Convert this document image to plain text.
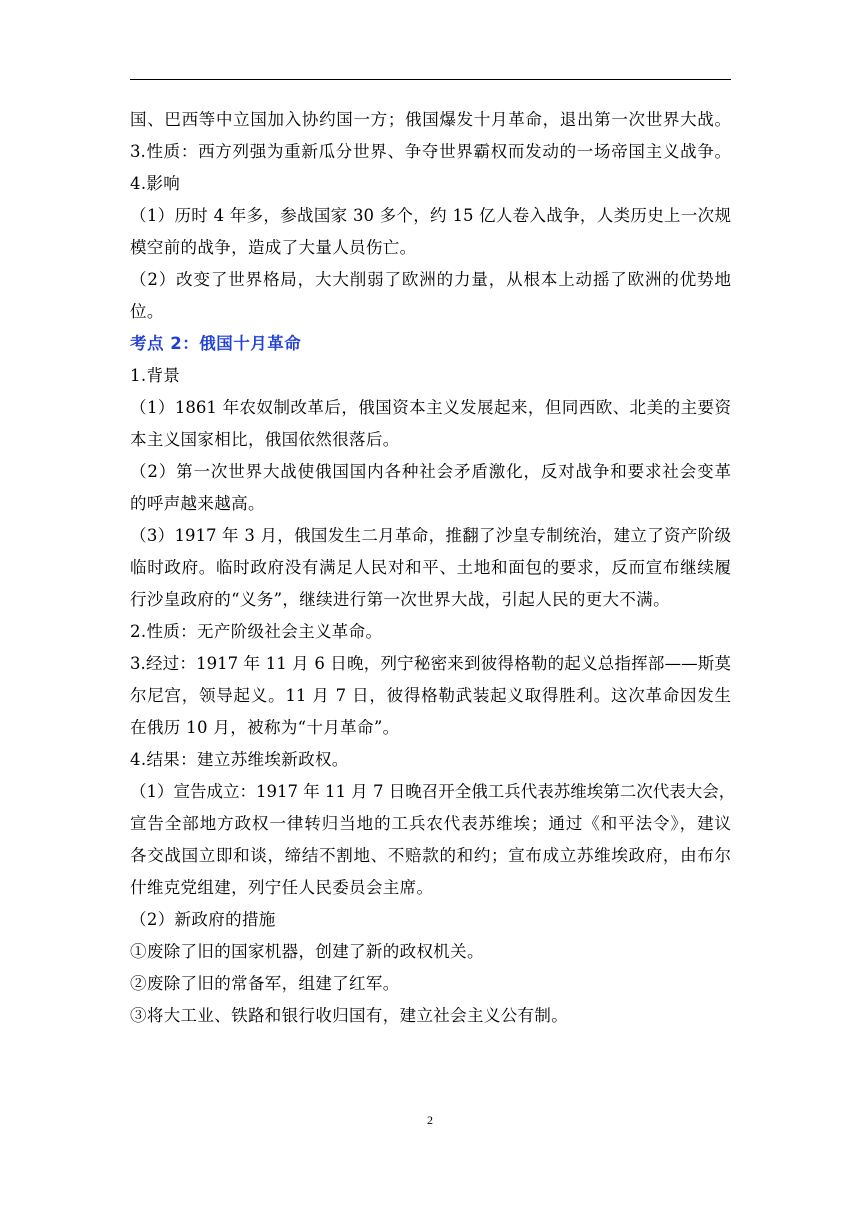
国、巴西等中立国加入协约国一方；俄国爆发十月革命，退出第一次世界大战。
3.性质：西方列强为重新瓜分世界、争夺世界霸权而发动的一场帝国主义战争。
4.影响
（1）历时 4 年多，参战国家 30 多个，约 15 亿人卷入战争，人类历史上一次规
模空前的战争，造成了大量人员伤亡。
（2）改变了世界格局，大大削弱了欧洲的力量，从根本上动摇了欧洲的优势地
位。
考点 2：俄国十月革命
1.背景
（1）1861 年农奴制改革后，俄国资本主义发展起来，但同西欧、北美的主要资
本主义国家相比，俄国依然很落后。
（2）第一次世界大战使俄国国内各种社会矛盾激化，反对战争和要求社会变革
的呼声越来越高。
（3）1917 年 3 月，俄国发生二月革命，推翻了沙皇专制统治，建立了资产阶级
临时政府。临时政府没有满足人民对和平、土地和面包的要求，反而宣布继续履
行沙皇政府的“义务”，继续进行第一次世界大战，引起人民的更大不满。
2.性质：无产阶级社会主义革命。
3.经过：1917 年 11 月 6 日晚，列宁秘密来到彼得格勒的起义总指挥部——斯莫
尔尼宫，领导起义。11 月 7 日，彼得格勒武装起义取得胜利。这次革命因发生
在俄历 10 月，被称为“十月革命”。
4.结果：建立苏维埃新政权。
（1）宣告成立：1917 年 11 月 7 日晚召开全俄工兵代表苏维埃第二次代表大会，
宣告全部地方政权一律转归当地的工兵农代表苏维埃；通过《和平法令》，建议
各交战国立即和谈，缔结不割地、不赔款的和约；宣布成立苏维埃政府，由布尔
什维克党组建，列宁任人民委员会主席。
（2）新政府的措施
①废除了旧的国家机器，创建了新的政权机关。
②废除了旧的常备军，组建了红军。
③将大工业、铁路和银行收归国有，建立社会主义公有制。
2
